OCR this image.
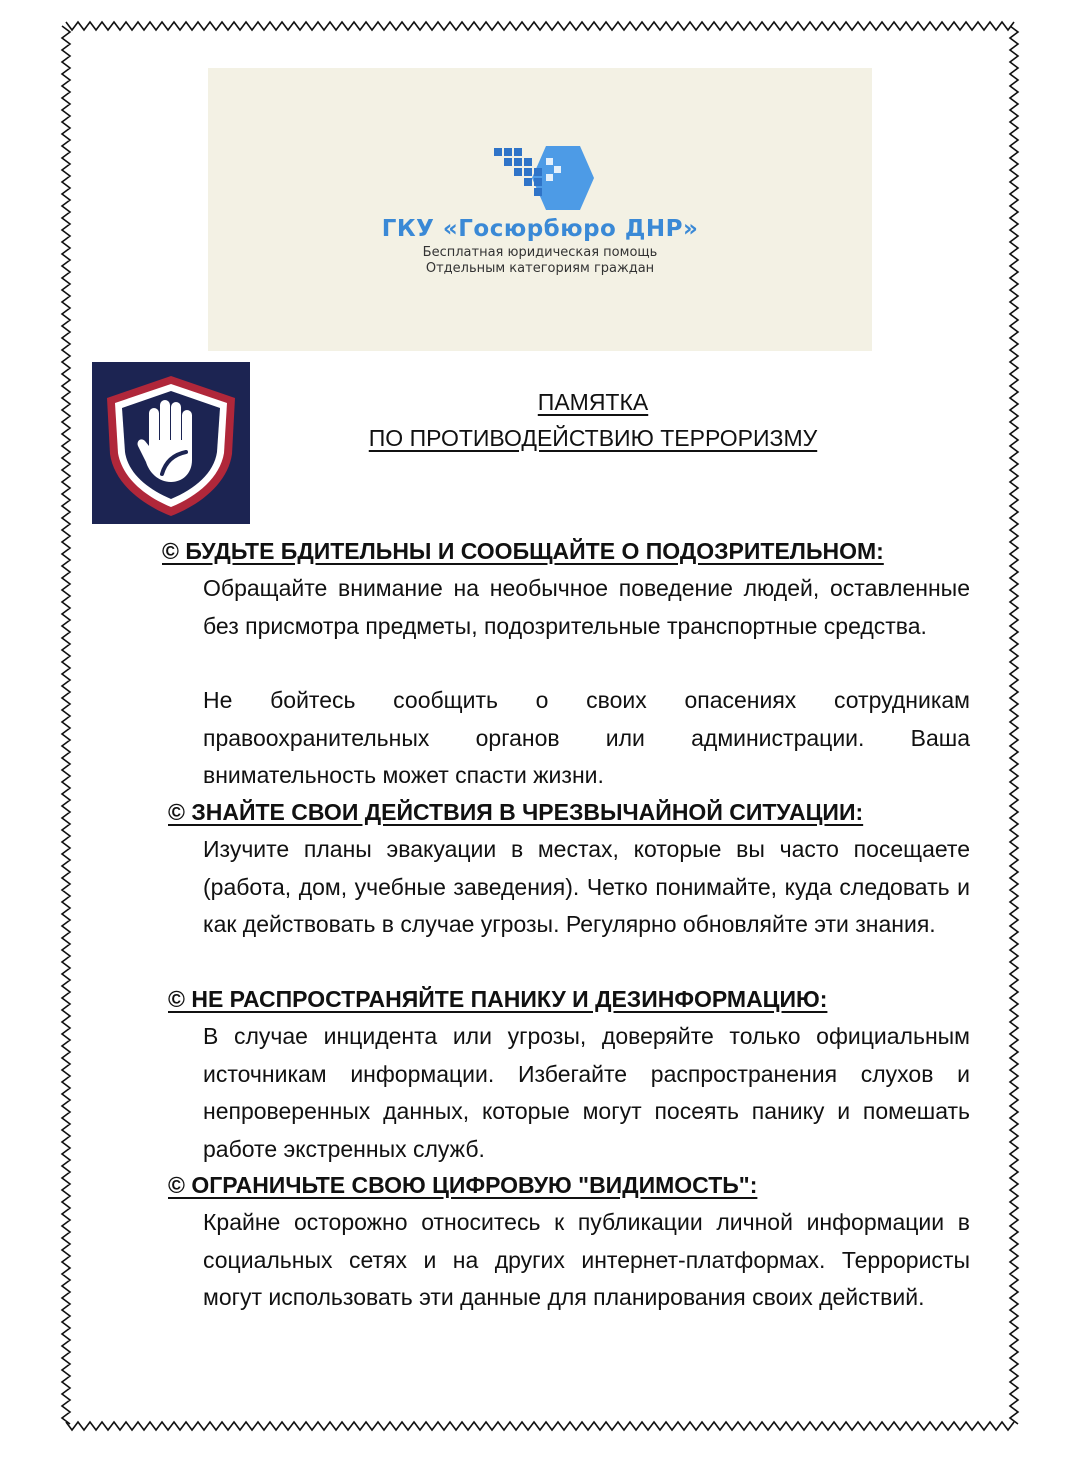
ГКУ «Госюрбюро ДНР»
Бесплатная юридическая помощь
Отдельным категориям граждан
ПАМЯТКА
ПО ПРОТИВОДЕЙСТВИЮ ТЕРРОРИЗМУ
© БУДЬТЕ БДИТЕЛЬНЫ И СООБЩАЙТЕ О ПОДОЗРИТЕЛЬНОМ:

Обращайте внимание на необычное поведение людей, оставленные без присмотра предметы, подозрительные транспортные средства.

Не бойтесь сообщить о своих опасениях сотрудникам правоохранительных органов или администрации. Ваша внимательность может спасти жизни.

© ЗНАЙТЕ СВОИ ДЕЙСТВИЯ В ЧРЕЗВЫЧАЙНОЙ СИТУАЦИИ:

Изучите планы эвакуации в местах, которые вы часто посещаете (работа, дом, учебные заведения). Четко понимайте, куда следовать и как действовать в случае угрозы. Регулярно обновляйте эти знания.

© НЕ РАСПРОСТРАНЯЙТЕ ПАНИКУ И ДЕЗИНФОРМАЦИЮ:

В случае инцидента или угрозы, доверяйте только официальным источникам информации. Избегайте распространения слухов и непроверенных данных, которые могут посеять панику и помешать работе экстренных служб.

© ОГРАНИЧЬТЕ СВОЮ ЦИФРОВУЮ "ВИДИМОСТЬ":

Крайне осторожно относитесь к публикации личной информации в социальных сетях и на других интернет-платформах. Террористы могут использовать эти данные для планирования своих действий.
